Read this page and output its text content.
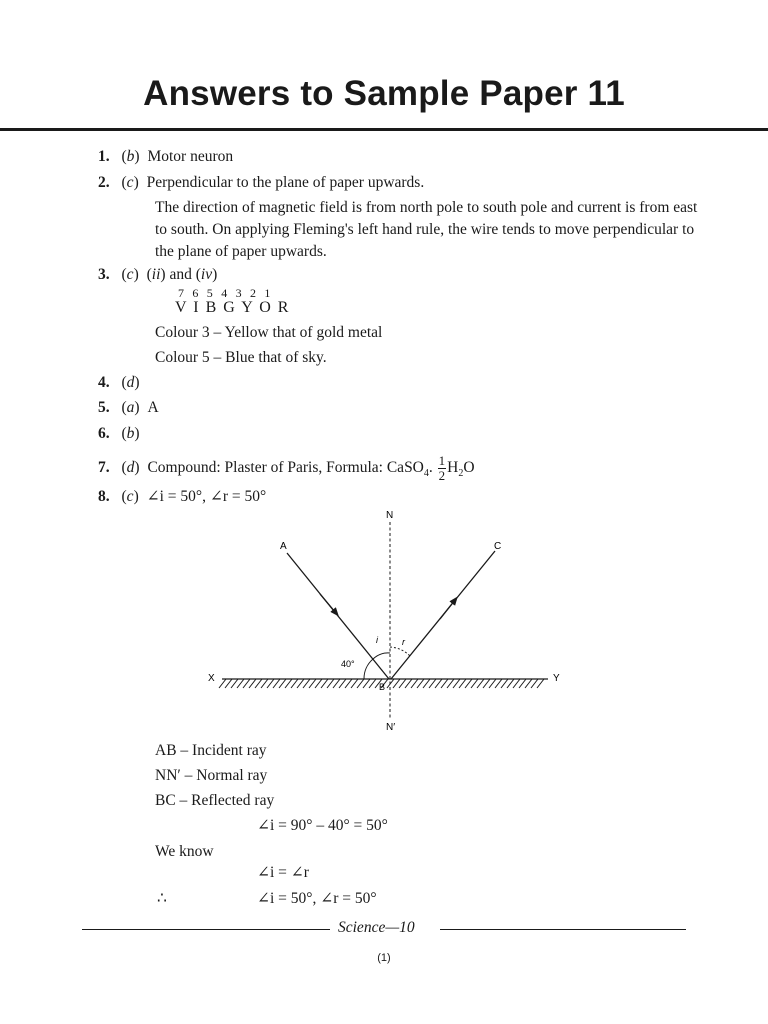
Answers to Sample Paper 11
1. (b) Motor neuron
2. (c) Perpendicular to the plane of paper upwards.
The direction of magnetic field is from north pole to south pole and current is from east to south. On applying Fleming's left hand rule, the wire tends to move perpendicular to the plane of paper upwards.
3. (c) (ii) and (iv)
7 6 5 4 3 2 1
V I B G Y O R
Colour 3 – Yellow that of gold metal
Colour 5 – Blue that of sky.
4. (d)
5. (a) A
6. (b)
7. (d) Compound: Plaster of Paris, Formula: CaSO$_4$. $\frac{1}{2} H_2O$
8. (c) ∠i = 50°, ∠r = 50°
N
N′
A	C
X	Y
B
i	r
40°
AB – Incident ray
NN′ – Normal ray
BC – Reflected ray
∠i = 90° – 40° = 50°
We know
∠i = ∠r
∴	∠i = 50°, ∠r = 50°
Science—10
(1)
